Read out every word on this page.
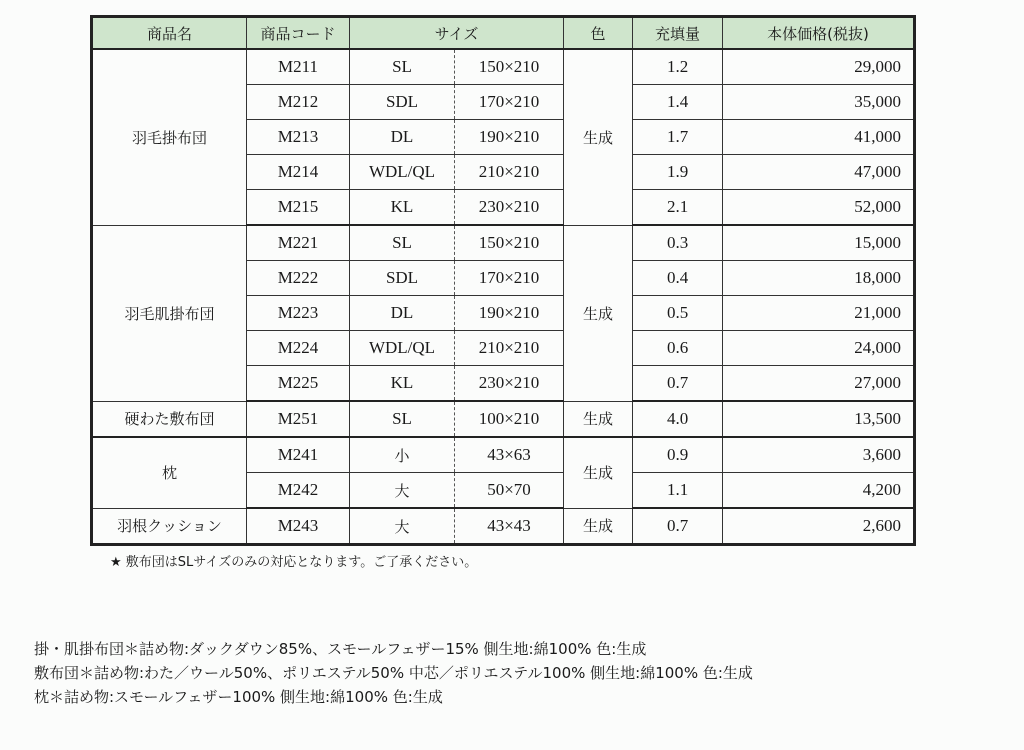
商品名	商品コード	サイズ		色	充填量	本体価格(税抜)
羽毛掛布団	M211	SL	150×210	生成	1.2	29,000
	M212	SDL	170×210		1.4	35,000
	M213	DL	190×210		1.7	41,000
	M214	WDL/QL	210×210		1.9	47,000
	M215	KL	230×210		2.1	52,000
羽毛肌掛布団	M221	SL	150×210	生成	0.3	15,000
	M222	SDL	170×210		0.4	18,000
	M223	DL	190×210		0.5	21,000
	M224	WDL/QL	210×210		0.6	24,000
	M225	KL	230×210		0.7	27,000
硬わた敷布団	M251	SL	100×210	生成	4.0	13,500
枕	M241	小	43×63	生成	0.9	3,600
	M242	大	50×70		1.1	4,200
羽根クッション	M243	大	43×43	生成	0.7	2,600
★ 敷布団はSLサイズのみの対応となります。ご了承ください。
掛・肌掛布団＊詰め物:ダックダウン85%、スモールフェザー15% 側生地:綿100% 色:生成
敷布団＊詰め物:わた／ウール50%、ポリエステル50% 中芯／ポリエステル100% 側生地:綿100% 色:生成
枕＊詰め物:スモールフェザー100% 側生地:綿100% 色:生成
